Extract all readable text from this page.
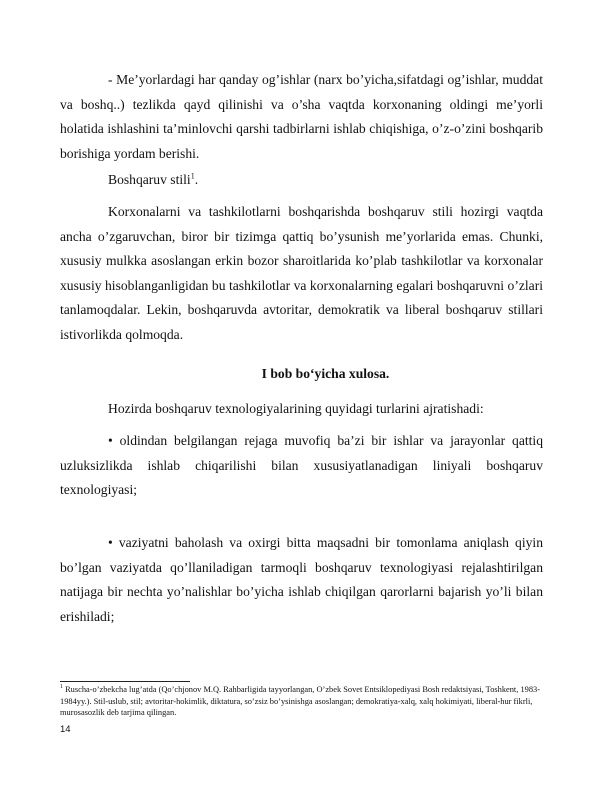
- Me’yorlardagi har qanday og’ishlar (narx bo’yicha,sifatdagi og’ishlar, muddat va boshq..) tezlikda qayd qilinishi va o’sha vaqtda korxonaning oldingi me’yorli holatida ishlashini ta’minlovchi qarshi tadbirlarni ishlab chiqishiga, o’z-o’zini boshqarib borishiga yordam berishi.

Boshqaruv stili$^1$.

Korxonalarni va tashkilotlarni boshqarishda boshqaruv stili hozirgi vaqtda ancha o’zgaruvchan, biror bir tizimga qattiq bo’ysunish me’yorlarida emas. Chunki, xususiy mulkka asoslangan erkin bozor sharoitlarida ko’plab tashkilotlar va korxonalar xususiy hisoblanganligidan bu tashkilotlar va korxonalarning egalari boshqaruvni o’zlari tanlamoqdalar. Lekin, boshqaruvda avtoritar, demokratik va liberal boshqaruv stillari istivorlikda qolmoqda.

I bob bo‘yicha xulosa.

Hozirda boshqaruv texnologiyalarining quyidagi turlarini ajratishadi:

• oldindan belgilangan rejaga muvofiq ba’zi bir ishlar va jarayonlar qattiq uzluksizlikda ishlab chiqarilishi bilan xususiyatlanadigan liniyali boshqaruv texnologiyasi;

• vaziyatni baholash va oxirgi bitta maqsadni bir tomonlama aniqlash qiyin bo’lgan vaziyatda qo’llaniladigan tarmoqli boshqaruv texnologiyasi rejalashtirilgan natijaga bir nechta yo’nalishlar bo’yicha ishlab chiqilgan qarorlarni bajarish yo’li bilan erishiladi;

$^1$ Ruscha-o’zbekcha lug’atda (Qo’chjonov M.Q. Rahbarligida tayyorlangan, O’zbek Sovet Entsiklopediyasi Bosh redaktsiyasi, Toshkent, 1983-1984yy.). Stil-uslub, stil; avtoritar-hokimlik, diktatura, so’zsiz bo’ysinishga asoslangan; demokratiya-xalq, xalq hokimiyati, liberal-hur fikrli, murosasozlik deb tarjima qilingan.

14
